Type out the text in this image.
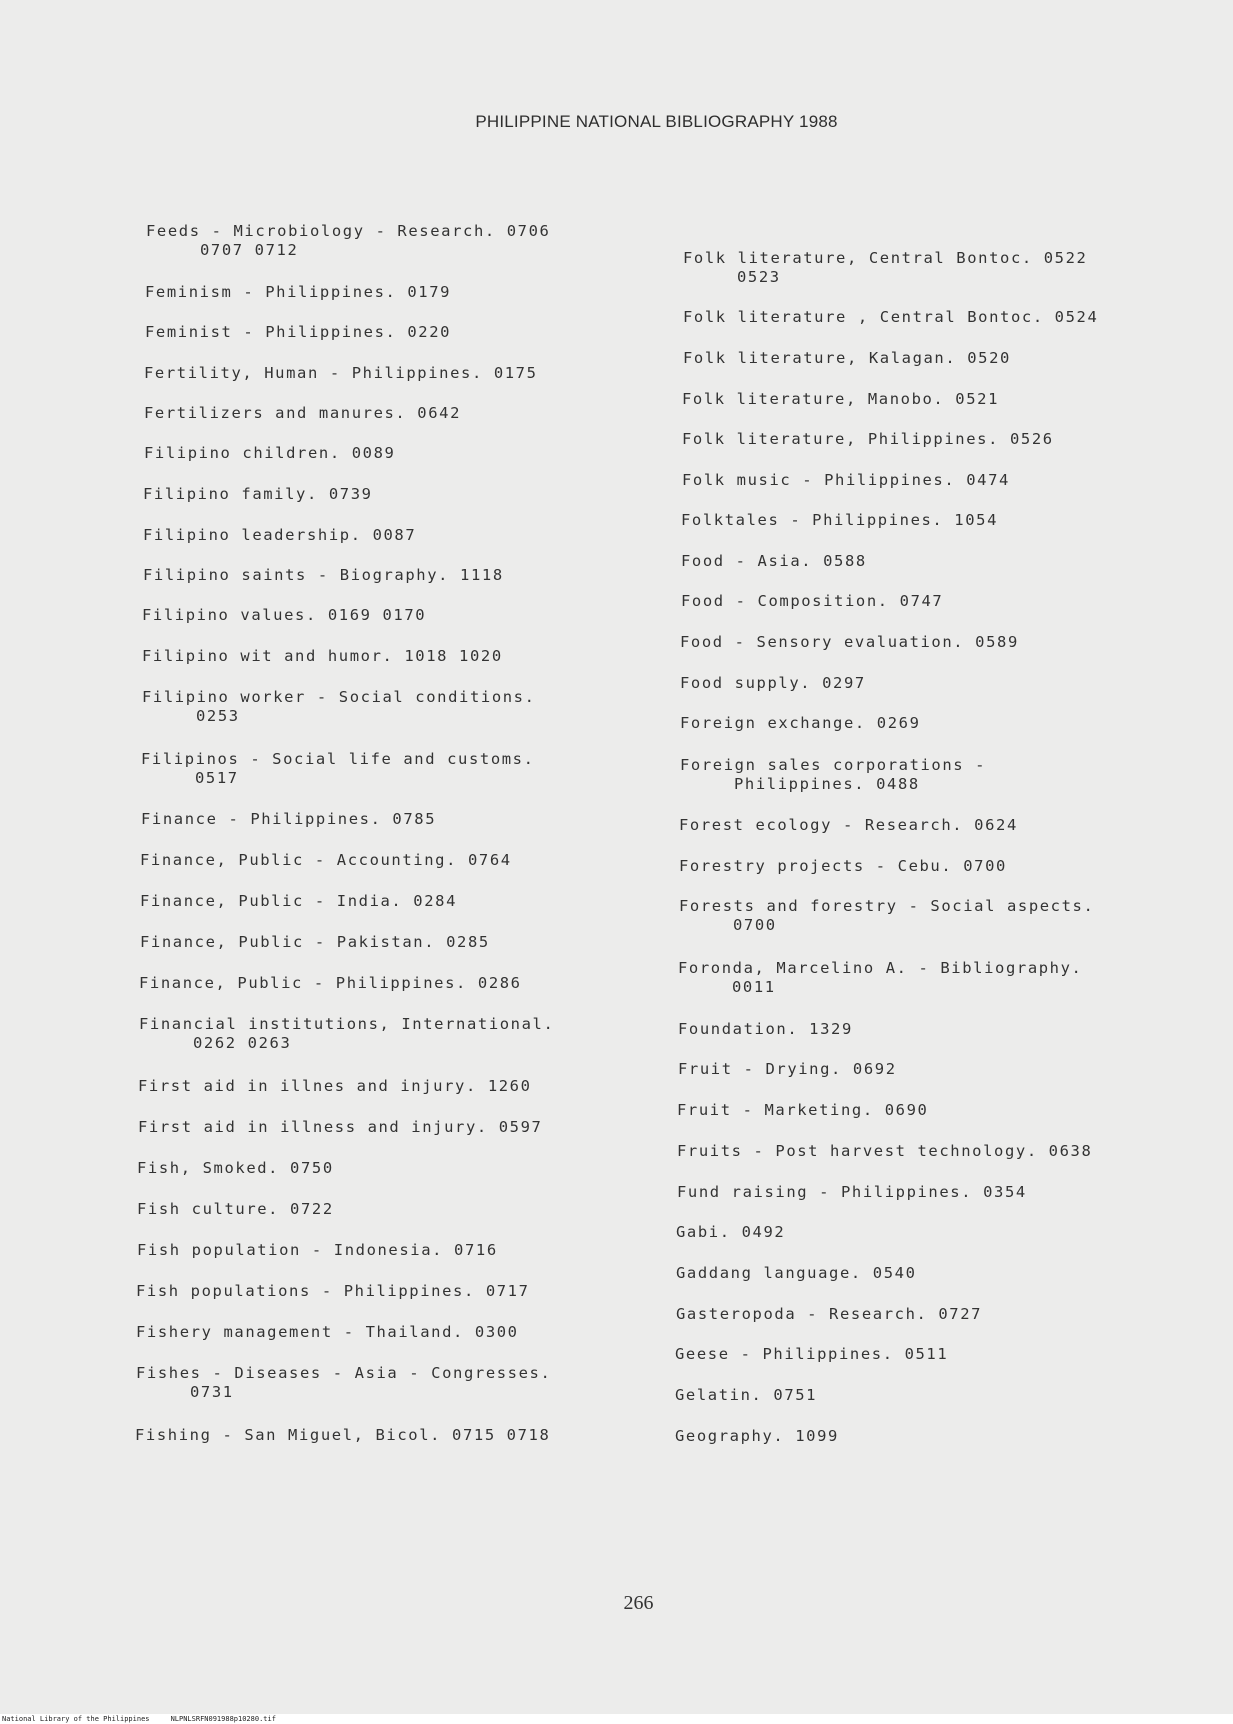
PHILIPPINE NATIONAL BIBLIOGRAPHY 1988
Feeds - Microbiology - Research. 0706
0707 0712
Feminism - Philippines. 0179
Feminist - Philippines. 0220
Fertility, Human - Philippines. 0175
Fertilizers and manures. 0642
Filipino children. 0089
Filipino family. 0739
Filipino leadership. 0087
Filipino saints - Biography. 1118
Filipino values. 0169 0170
Filipino wit and humor. 1018 1020
Filipino worker - Social conditions.
0253
Filipinos - Social life and customs.
0517
Finance - Philippines. 0785
Finance, Public - Accounting. 0764
Finance, Public - India. 0284
Finance, Public - Pakistan. 0285
Finance, Public - Philippines. 0286
Financial institutions, International.
0262 0263
First aid in illnes and injury. 1260
First aid in illness and injury. 0597
Fish, Smoked. 0750
Fish culture. 0722
Fish population - Indonesia. 0716
Fish populations - Philippines. 0717
Fishery management - Thailand. 0300
Fishes - Diseases - Asia - Congresses.
0731
Fishing - San Miguel, Bicol. 0715 0718
Folk literature, Central Bontoc. 0522
0523
Folk literature , Central Bontoc. 0524
Folk literature, Kalagan. 0520
Folk literature, Manobo. 0521
Folk literature, Philippines. 0526
Folk music - Philippines. 0474
Folktales - Philippines. 1054
Food - Asia. 0588
Food - Composition. 0747
Food - Sensory evaluation. 0589
Food supply. 0297
Foreign exchange. 0269
Foreign sales corporations -
Philippines. 0488
Forest ecology - Research. 0624
Forestry projects - Cebu. 0700
Forests and forestry - Social aspects.
0700
Foronda, Marcelino A. - Bibliography.
0011
Foundation. 1329
Fruit - Drying. 0692
Fruit - Marketing. 0690
Fruits - Post harvest technology. 0638
Fund raising - Philippines. 0354
Gabi. 0492
Gaddang language. 0540
Gasteropoda - Research. 0727
Geese - Philippines. 0511
Gelatin. 0751
Geography. 1099
266
National Library of the Philippines     NLPNLSRFN091988p10280.tif
